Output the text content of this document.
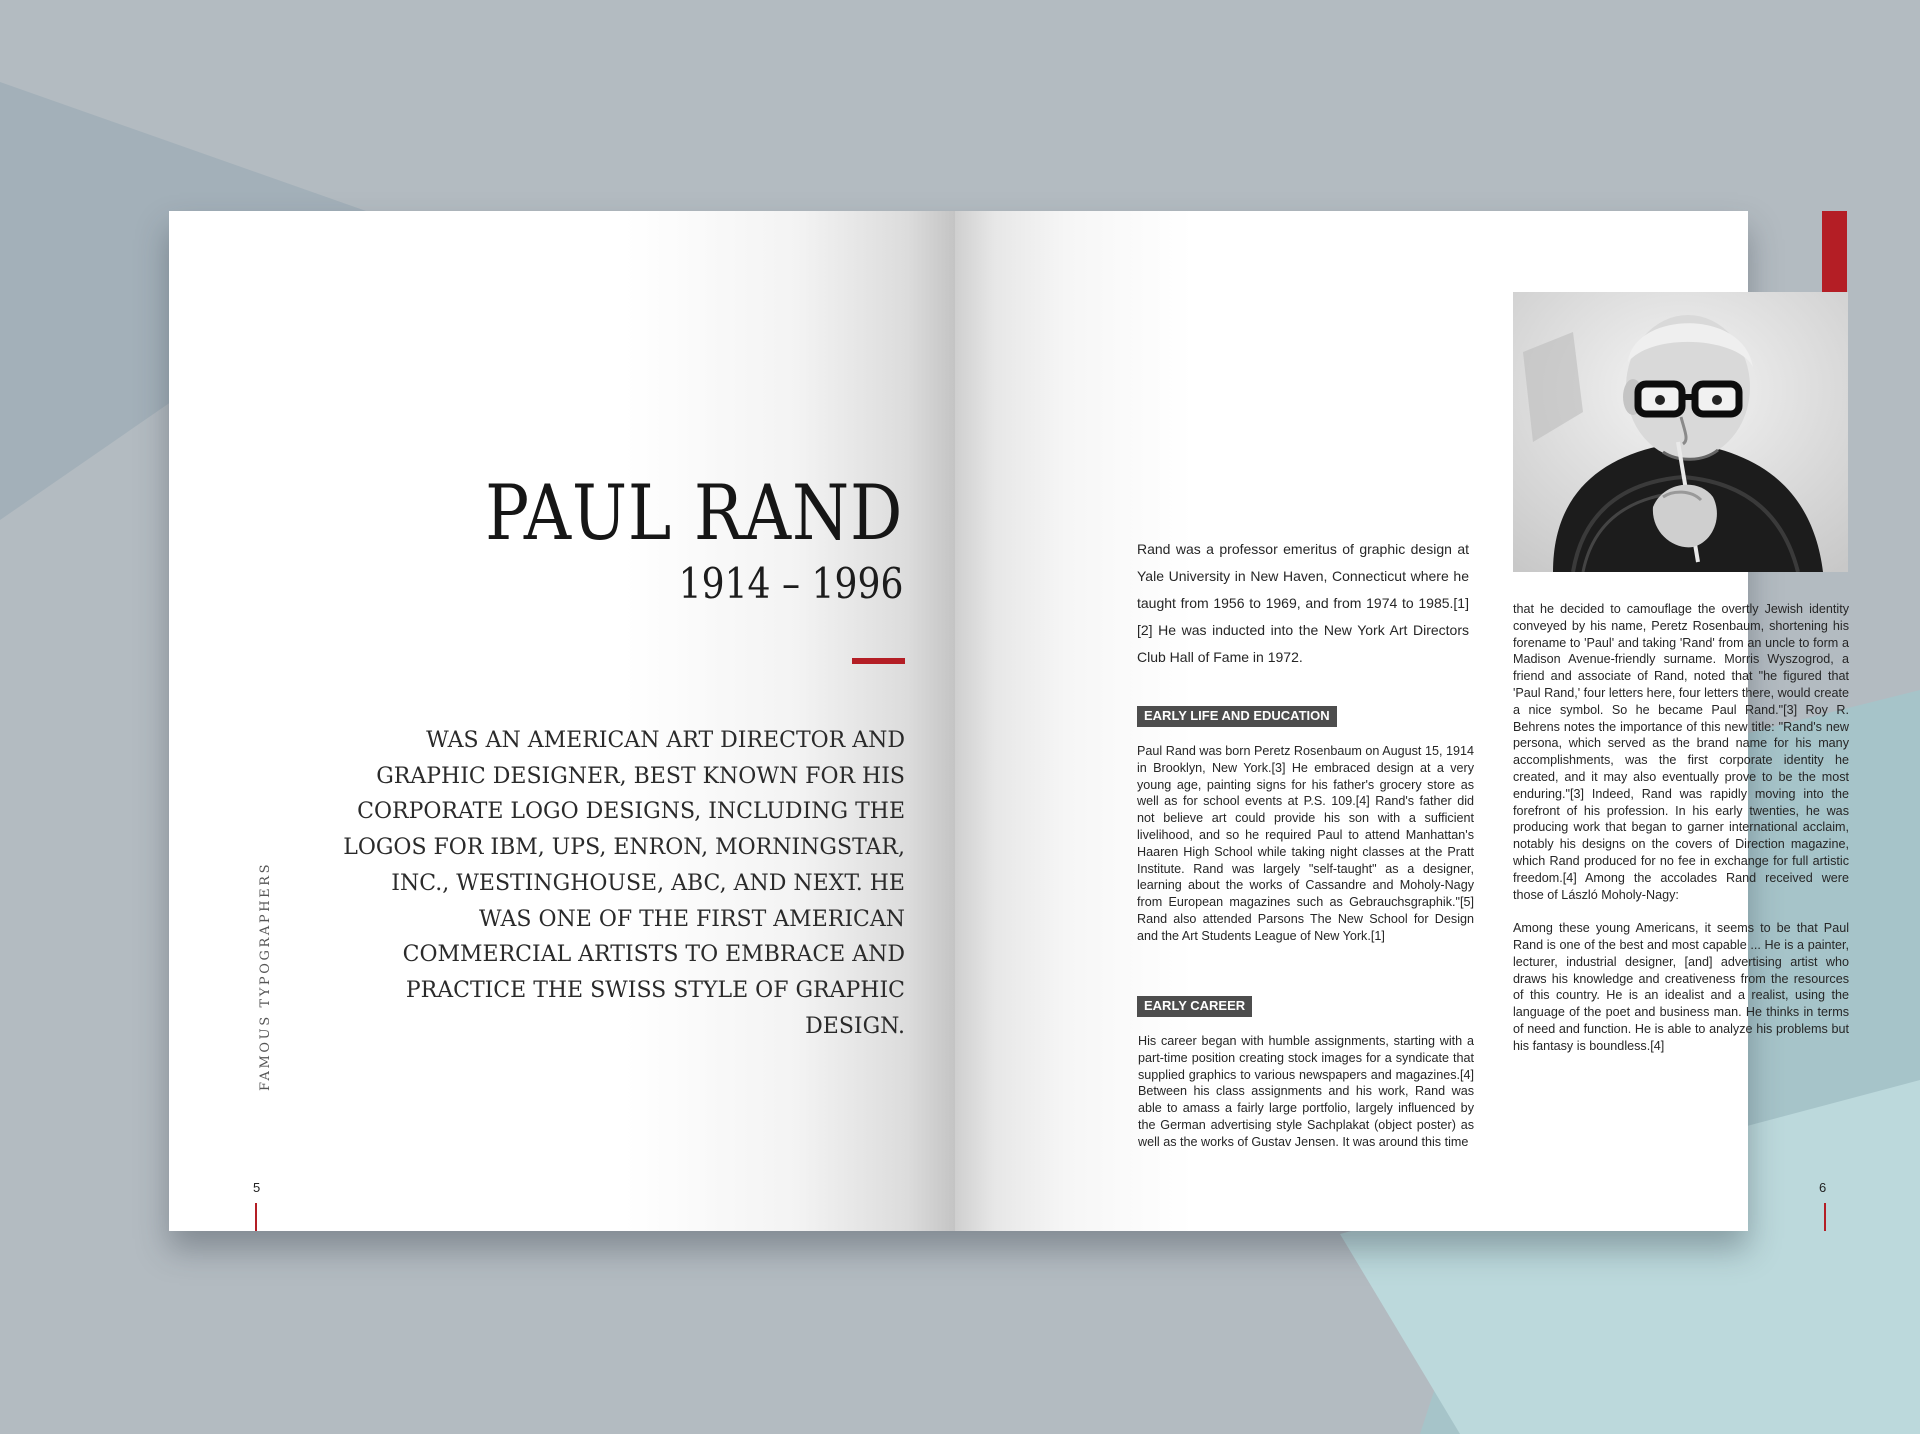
PAUL RAND
1914 – 1996

WAS AN AMERICAN ART DIRECTOR AND GRAPHIC DESIGNER, BEST KNOWN FOR HIS CORPORATE LOGO DESIGNS, INCLUDING THE LOGOS FOR IBM, UPS, ENRON, MORNINGSTAR, INC., WESTINGHOUSE, ABC, AND NEXT. HE WAS ONE OF THE FIRST AMERICAN COMMERCIAL ARTISTS TO EMBRACE AND PRACTICE THE SWISS STYLE OF GRAPHIC DESIGN.

FAMOUS TYPOGRAPHERS
5

Rand was a professor emeritus of graphic design at Yale University in New Haven, Connecticut where he taught from 1956 to 1969, and from 1974 to 1985.[1][2] He was inducted into the New York Art Directors Club Hall of Fame in 1972.

EARLY LIFE AND EDUCATION

Paul Rand was born Peretz Rosenbaum on August 15, 1914 in Brooklyn, New York.[3] He embraced design at a very young age, painting signs for his father's grocery store as well as for school events at P.S. 109.[4] Rand's father did not believe art could provide his son with a sufficient livelihood, and so he required Paul to attend Manhattan's Haaren High School while taking night classes at the Pratt Institute. Rand was largely "self-taught" as a designer, learning about the works of Cassandre and Moholy-Nagy from European magazines such as Gebrauchsgraphik."[5] Rand also attended Parsons The New School for Design and the Art Students League of New York.[1]

EARLY CAREER

His career began with humble assignments, starting with a part-time position creating stock images for a syndicate that supplied graphics to various newspapers and magazines.[4] Between his class assignments and his work, Rand was able to amass a fairly large portfolio, largely influenced by the German advertising style Sachplakat (object poster) as well as the works of Gustav Jensen. It was around this time

that he decided to camouflage the overtly Jewish identity conveyed by his name, Peretz Rosenbaum, shortening his forename to 'Paul' and taking 'Rand' from an uncle to form a Madison Avenue-friendly surname. Morris Wyszogrod, a friend and associate of Rand, noted that "he figured that 'Paul Rand,' four letters here, four letters there, would create a nice symbol. So he became Paul Rand."[3] Roy R. Behrens notes the importance of this new title: "Rand's new persona, which served as the brand name for his many accomplishments, was the first corporate identity he created, and it may also eventually prove to be the most enduring."[3] Indeed, Rand was rapidly moving into the forefront of his profession. In his early twenties, he was producing work that began to garner international acclaim, notably his designs on the covers of Direction magazine, which Rand produced for no fee in exchange for full artistic freedom.[4] Among the accolades Rand received were those of László Moholy-Nagy:

Among these young Americans, it seems to be that Paul Rand is one of the best and most capable ... He is a painter, lecturer, industrial designer, [and] advertising artist who draws his knowledge and creativeness from the resources of this country. He is an idealist and a realist, using the language of the poet and business man. He thinks in terms of need and function. He is able to analyze his problems but his fantasy is boundless.[4]

6
